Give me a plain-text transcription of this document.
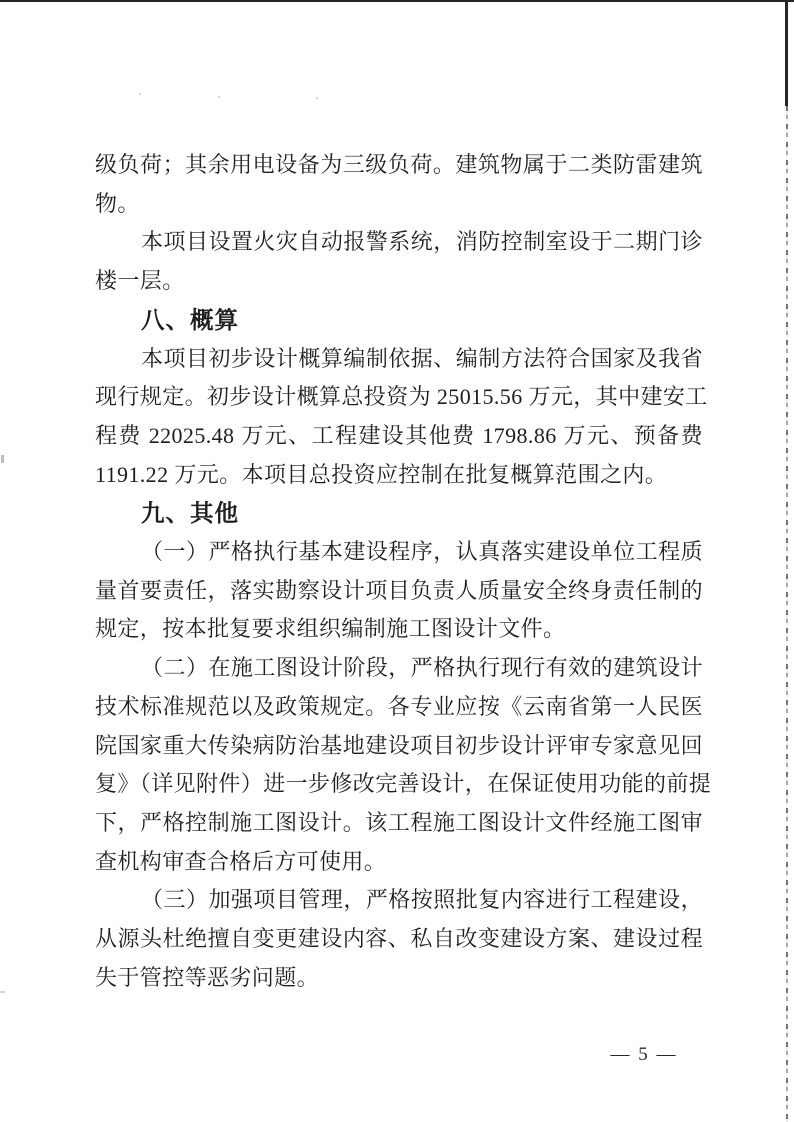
级负荷；其余用电设备为三级负荷。建筑物属于二类防雷建筑
物。
本项目设置火灾自动报警系统，消防控制室设于二期门诊
楼一层。
八、概算
本项目初步设计概算编制依据、编制方法符合国家及我省
现行规定。初步设计概算总投资为 25015.56 万元，其中建安工
程费 22025.48 万元、工程建设其他费 1798.86 万元、预备费
1191.22 万元。本项目总投资应控制在批复概算范围之内。
九、其他
（一）严格执行基本建设程序，认真落实建设单位工程质
量首要责任，落实勘察设计项目负责人质量安全终身责任制的
规定，按本批复要求组织编制施工图设计文件。
（二）在施工图设计阶段，严格执行现行有效的建筑设计
技术标准规范以及政策规定。各专业应按《云南省第一人民医
院国家重大传染病防治基地建设项目初步设计评审专家意见回
复》（详见附件）进一步修改完善设计，在保证使用功能的前提
下，严格控制施工图设计。该工程施工图设计文件经施工图审
查机构审查合格后方可使用。
（三）加强项目管理，严格按照批复内容进行工程建设，
从源头杜绝擅自变更建设内容、私自改变建设方案、建设过程
失于管控等恶劣问题。
— 5 —
